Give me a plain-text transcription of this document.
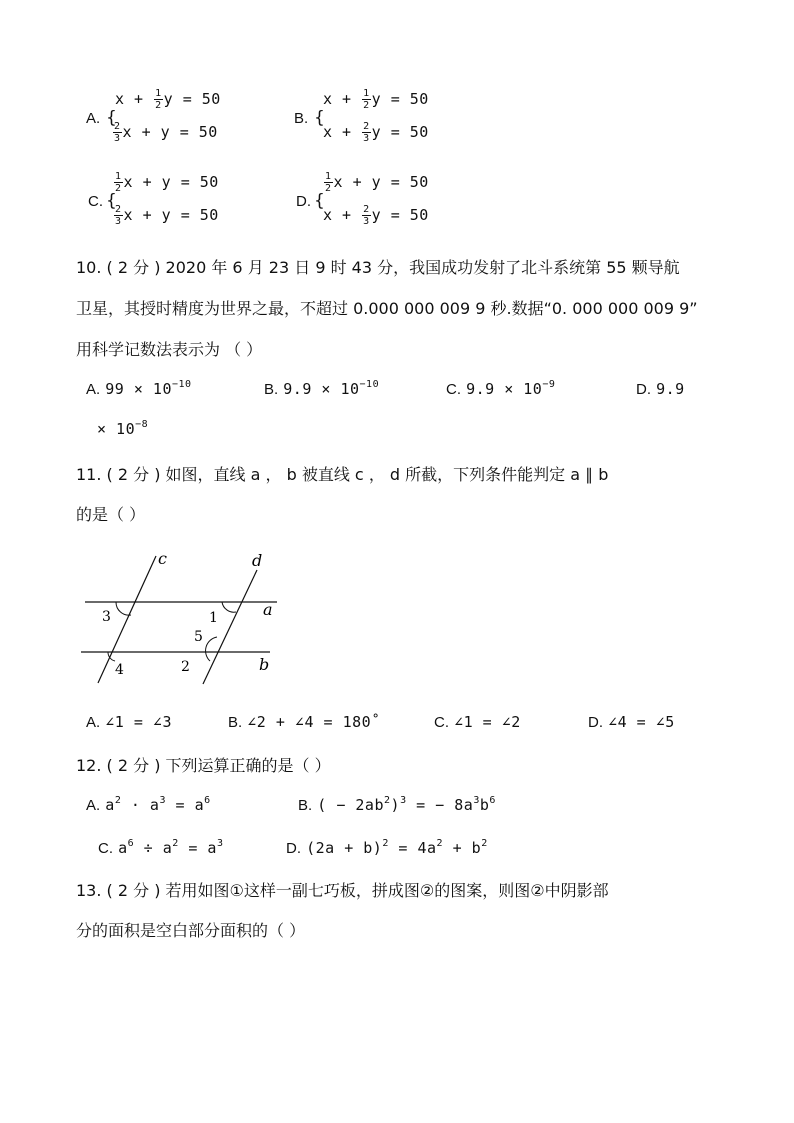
A. {
$x + \frac{1}{2}$ y = 50
$\frac{2}{3}$ x + y = 50
B. {
$x + \frac{1}{2}$ y = 50
$x + \frac{2}{3}$ y = 50
C. {
$\frac{1}{2}$ x + y = 50
$\frac{2}{3}$ x + y = 50
D. {
$\frac{1}{2}$ x + y = 50
$x + \frac{2}{3}$ y = 50
10. ( 2 分 ) 2020 年 6 月 23 日 9 时 43 分，我国成功发射了北斗系统第 55 颗导航
卫星，其授时精度为世界之最，不超过 0.000 000 009 9 秒.数据“0. 000 000 009 9”
用科学记数法表示为 （ ）
A. $99 \times 10^{-10}$	B. $9.9 \times 10^{-10}$	C. $9.9 \times 10^{-9}$	D. 9.9
× $10^{-8}$
11. ( 2 分 ) 如图，直线 a ， b 被直线 c ， d 所截，下列条件能判定 a ∥ b
的是（ ）
c	d
a
b
3	1
5
2
4
A. ∠1 = ∠3	B. ∠2 + ∠4 = 180˚	C. ∠1 = ∠2	D. ∠4 = ∠5
12. ( 2 分 ) 下列运算正确的是（ ）
A. $a^2 \cdot a^3 = a^6$	B. ( − $2ab^2)^3$ = − $8a^3b^6$
C. $a^6 \div a^2 = a^3$	D. $(2a + b)^2 = 4a^2 + b^2$
13. ( 2 分 ) 若用如图①这样一副七巧板，拼成图②的图案，则图②中阴影部
分的面积是空白部分面积的（ ）
